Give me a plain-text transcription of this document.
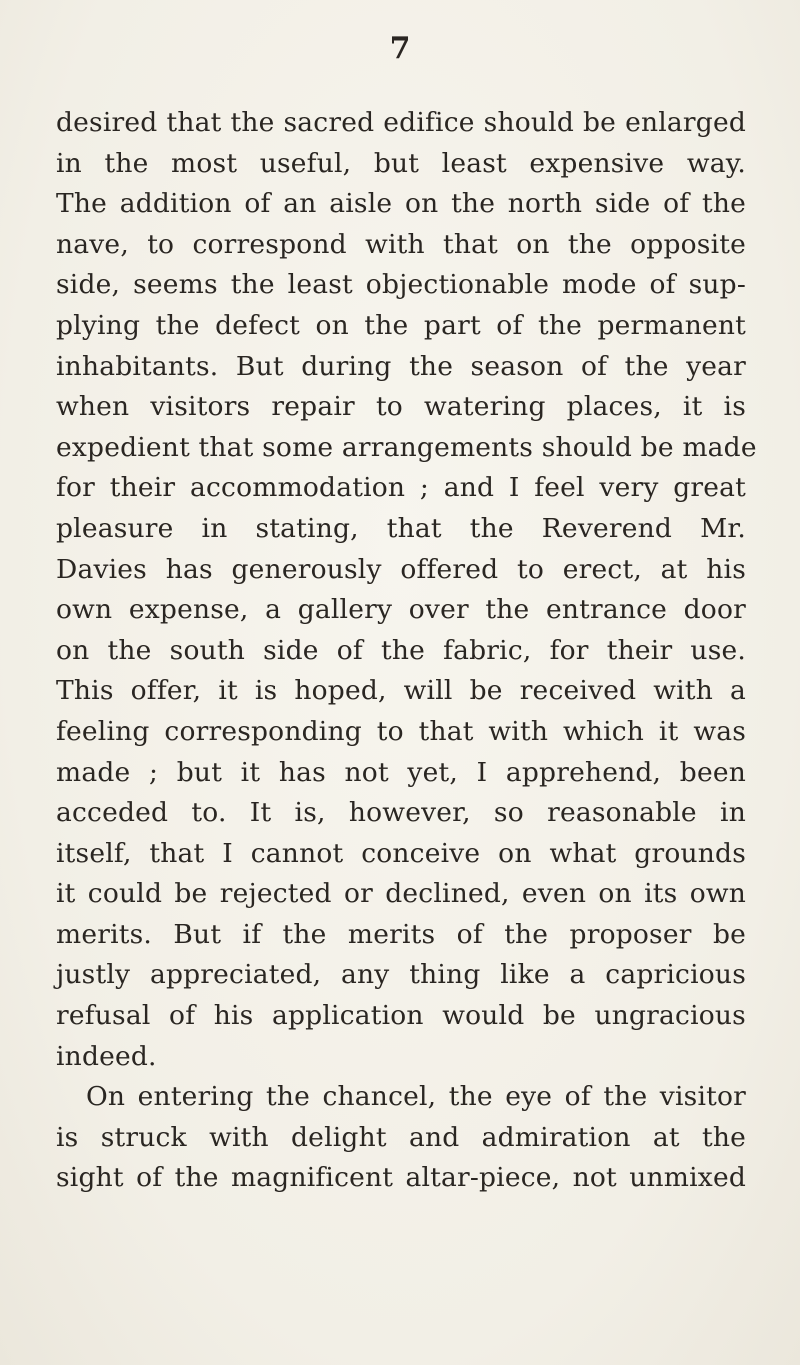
7
desired that the sacred edifice should be enlarged
in the most useful, but least expensive way.
The addition of an aisle on the north side of the
nave, to correspond with that on the opposite
side, seems the least objectionable mode of sup-
plying the defect on the part of the permanent
inhabitants. But during the season of the year
when visitors repair to watering places, it is
expedient that some arrangements should be made
for their accommodation ; and I feel very great
pleasure in stating, that the Reverend Mr.
Davies has generously offered to erect, at his
own expense, a gallery over the entrance door
on the south side of the fabric, for their use.
This offer, it is hoped, will be received with a
feeling corresponding to that with which it was
made ; but it has not yet, I apprehend, been
acceded to. It is, however, so reasonable in
itself, that I cannot conceive on what grounds
it could be rejected or declined, even on its own
merits. But if the merits of the proposer be
justly appreciated, any thing like a capricious
refusal of his application would be ungracious
indeed.
On entering the chancel, the eye of the visitor
is struck with delight and admiration at the
sight of the magnificent altar-piece, not unmixed
